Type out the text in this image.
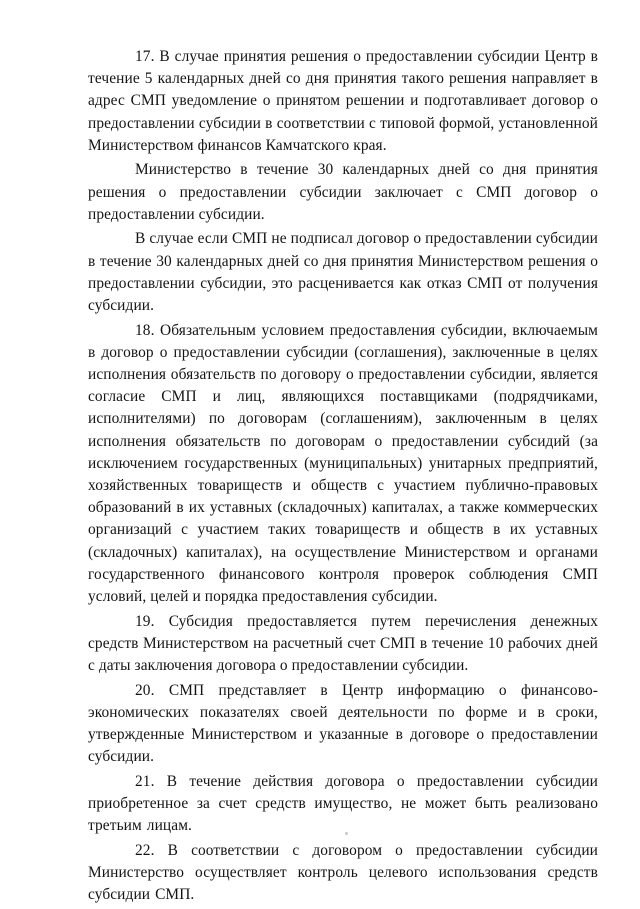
17. В случае принятия решения о предоставлении субсидии Центр в течение 5 календарных дней со дня принятия такого решения направляет в адрес СМП уведомление о принятом решении и подготавливает договор о предоставлении субсидии в соответствии с типовой формой, установленной Министерством финансов Камчатского края.

Министерство в течение 30 календарных дней со дня принятия решения о предоставлении субсидии заключает с СМП договор о предоставлении субсидии.

В случае если СМП не подписал договор о предоставлении субсидии в течение 30 календарных дней со дня принятия Министерством решения о предоставлении субсидии, это расценивается как отказ СМП от получения субсидии.

18. Обязательным условием предоставления субсидии, включаемым в договор о предоставлении субсидии (соглашения), заключенные в целях исполнения обязательств по договору о предоставлении субсидии, является согласие СМП и лиц, являющихся поставщиками (подрядчиками, исполнителями) по договорам (соглашениям), заключенным в целях исполнения обязательств по договорам о предоставлении субсидий (за исключением государственных (муниципальных) унитарных предприятий, хозяйственных товариществ и обществ с участием публично-правовых образований в их уставных (складочных) капиталах, а также коммерческих организаций с участием таких товариществ и обществ в их уставных (складочных) капиталах), на осуществление Министерством и органами государственного финансового контроля проверок соблюдения СМП условий, целей и порядка предоставления субсидии.

19. Субсидия предоставляется путем перечисления денежных средств Министерством на расчетный счет СМП в течение 10 рабочих дней с даты заключения договора о предоставлении субсидии.

20. СМП представляет в Центр информацию о финансово-экономических показателях своей деятельности по форме и в сроки, утвержденные Министерством и указанные в договоре о предоставлении субсидии.

21. В течение действия договора о предоставлении субсидии приобретенное за счет средств имущество, не может быть реализовано третьим лицам.

22. В соответствии с договором о предоставлении субсидии Министерство осуществляет контроль целевого использования средств субсидии СМП.
